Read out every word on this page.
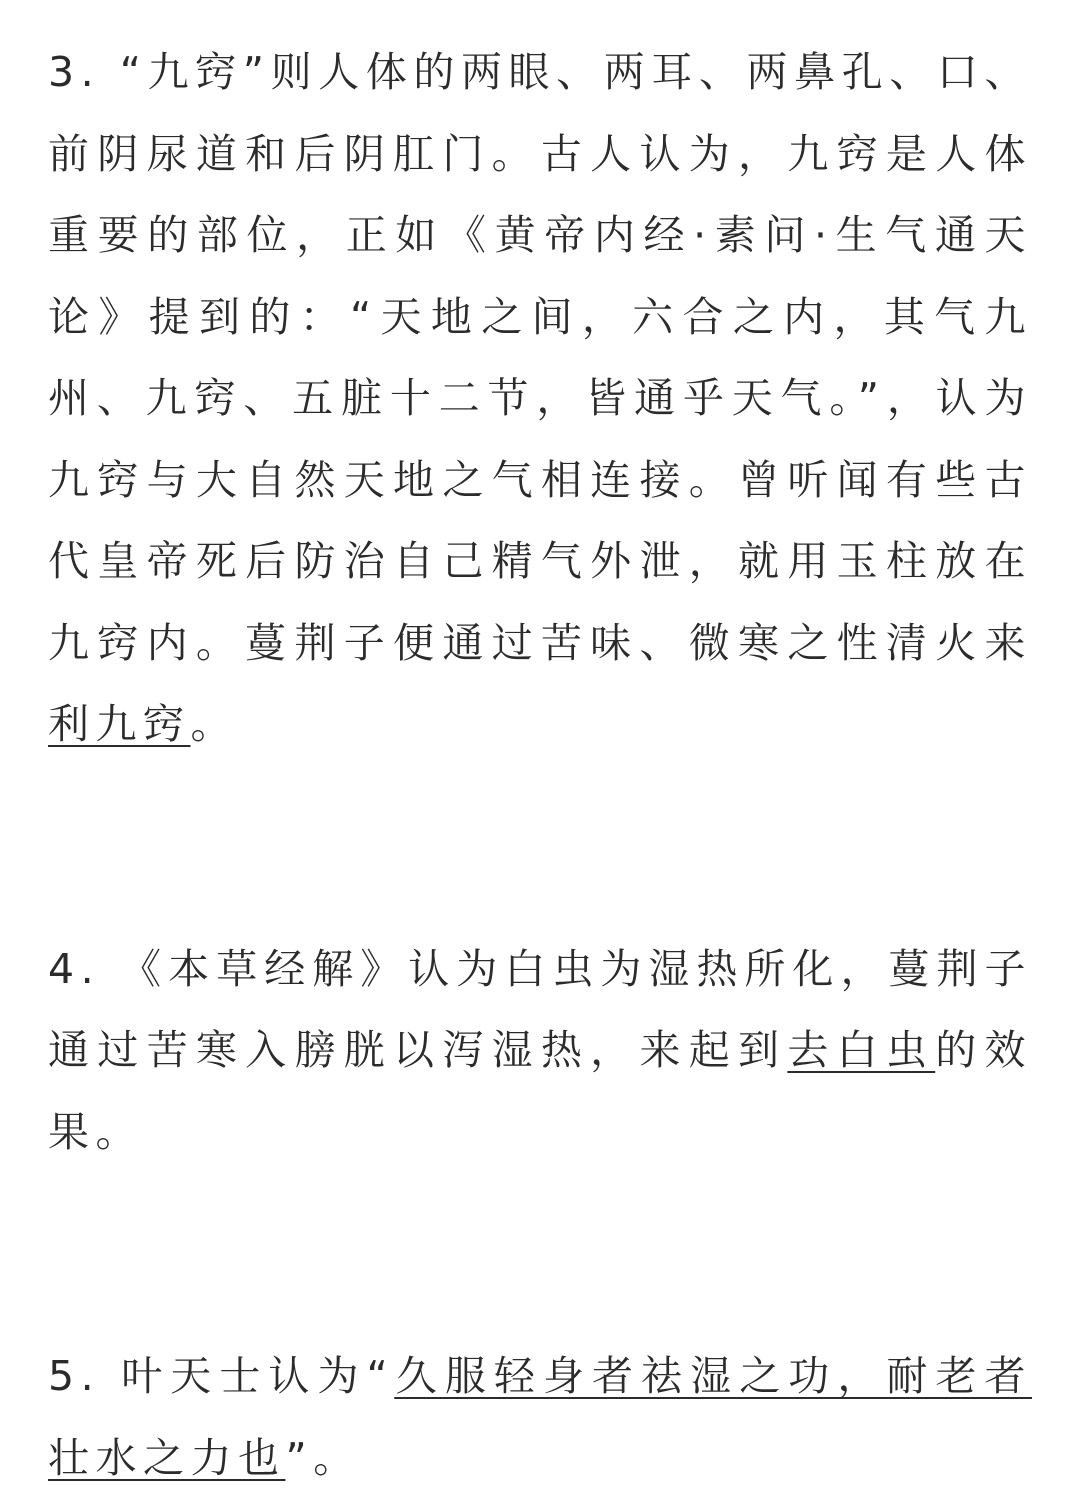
3. “九窍”则人体的两眼、两耳、两鼻孔、口、前阴尿道和后阴肛门。古人认为，九窍是人体重要的部位，正如《黄帝内经·素问·生气通天论》提到的：“天地之间，六合之内，其气九州、九窍、五脏十二节，皆通乎天气。”，认为九窍与大自然天地之气相连接。曾听闻有些古代皇帝死后防治自己精气外泄，就用玉柱放在九窍内。蔓荆子便通过苦味、微寒之性清火来利九窍。

4. 《本草经解》认为白虫为湿热所化，蔓荆子通过苦寒入膀胱以泻湿热，来起到去白虫的效果。

5. 叶天士认为“久服轻身者祛湿之功，耐老者壮水之力也”。
